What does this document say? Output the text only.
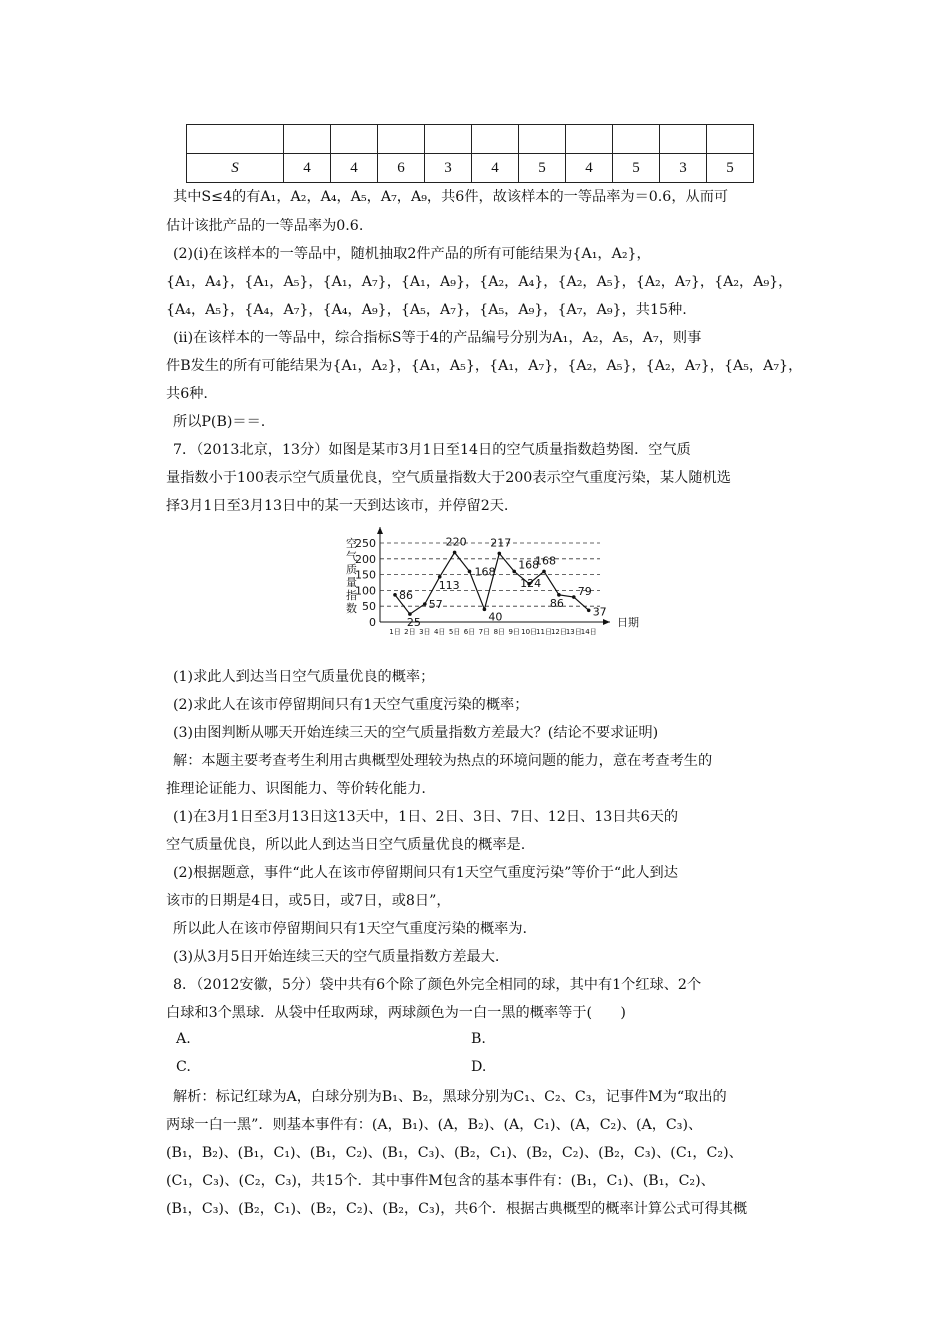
S	4	4	6	3	4	5	4	5	3	5
其中S≤4的有A₁，A₂，A₄，A₅，A₇，A₉，共6件，故该样本的一等品率为＝0.6，从而可
估计该批产品的一等品率为0.6.
(2)(ⅰ)在该样本的一等品中，随机抽取2件产品的所有可能结果为{A₁，A₂}，
{A₁，A₄}，{A₁，A₅}，{A₁，A₇}，{A₁，A₉}，{A₂，A₄}，{A₂，A₅}，{A₂，A₇}，{A₂，A₉}，
{A₄，A₅}，{A₄，A₇}，{A₄，A₉}，{A₅，A₇}，{A₅，A₉}，{A₇，A₉}，共15种.
(ⅱ)在该样本的一等品中，综合指标S等于4的产品编号分别为A₁，A₂，A₅，A₇，则事
件B发生的所有可能结果为{A₁，A₂}，{A₁，A₅}，{A₁，A₇}，{A₂，A₅}，{A₂，A₇}，{A₅，A₇}，
共6种.
所以P(B)＝＝.
7．（2013北京，13分）如图是某市3月1日至14日的空气质量指数趋势图．空气质
量指数小于100表示空气质量优良，空气质量指数大于200表示空气重度污染，某人随机选
择3月1日至3月13日中的某一天到达该市，并停留2天.
0
50
100
150
200
250
空
气
质
量
指
数
日期
1日 2日 3日 4日 5日 6日 7日 8日 9日 10日
11日
12日
13日
14日
86
25
57
113
220
168
40
217
168
124
168
86
79
37
(1)求此人到达当日空气质量优良的概率；
(2)求此人在该市停留期间只有1天空气重度污染的概率；
(3)由图判断从哪天开始连续三天的空气质量指数方差最大？(结论不要求证明)
解：本题主要考查考生利用古典概型处理较为热点的环境问题的能力，意在考查考生的
推理论证能力、识图能力、等价转化能力.
(1)在3月1日至3月13日这13天中，1日、2日、3日、7日、12日、13日共6天的
空气质量优良，所以此人到达当日空气质量优良的概率是.
(2)根据题意，事件“此人在该市停留期间只有1天空气重度污染”等价于“此人到达
该市的日期是4日，或5日，或7日，或8日”，
所以此人在该市停留期间只有1天空气重度污染的概率为.
(3)从3月5日开始连续三天的空气质量指数方差最大.
8．（2012安徽，5分）袋中共有6个除了颜色外完全相同的球，其中有1个红球、2个
白球和3个黑球．从袋中任取两球，两球颜色为一白一黑的概率等于(　　)
A.	B.
C.	D.
解析：标记红球为A，白球分别为B₁、B₂，黑球分别为C₁、C₂、C₃，记事件M为“取出的
两球一白一黑”．则基本事件有：(A，B₁)、(A，B₂)、(A，C₁)、(A，C₂)、(A，C₃)、
(B₁，B₂)、(B₁，C₁)、(B₁，C₂)、(B₁，C₃)、(B₂，C₁)、(B₂，C₂)、(B₂，C₃)、(C₁，C₂)、
(C₁，C₃)、(C₂，C₃)，共15个．其中事件M包含的基本事件有：(B₁，C₁)、(B₁，C₂)、
(B₁，C₃)、(B₂，C₁)、(B₂，C₂)、(B₂，C₃)，共6个．根据古典概型的概率计算公式可得其概
